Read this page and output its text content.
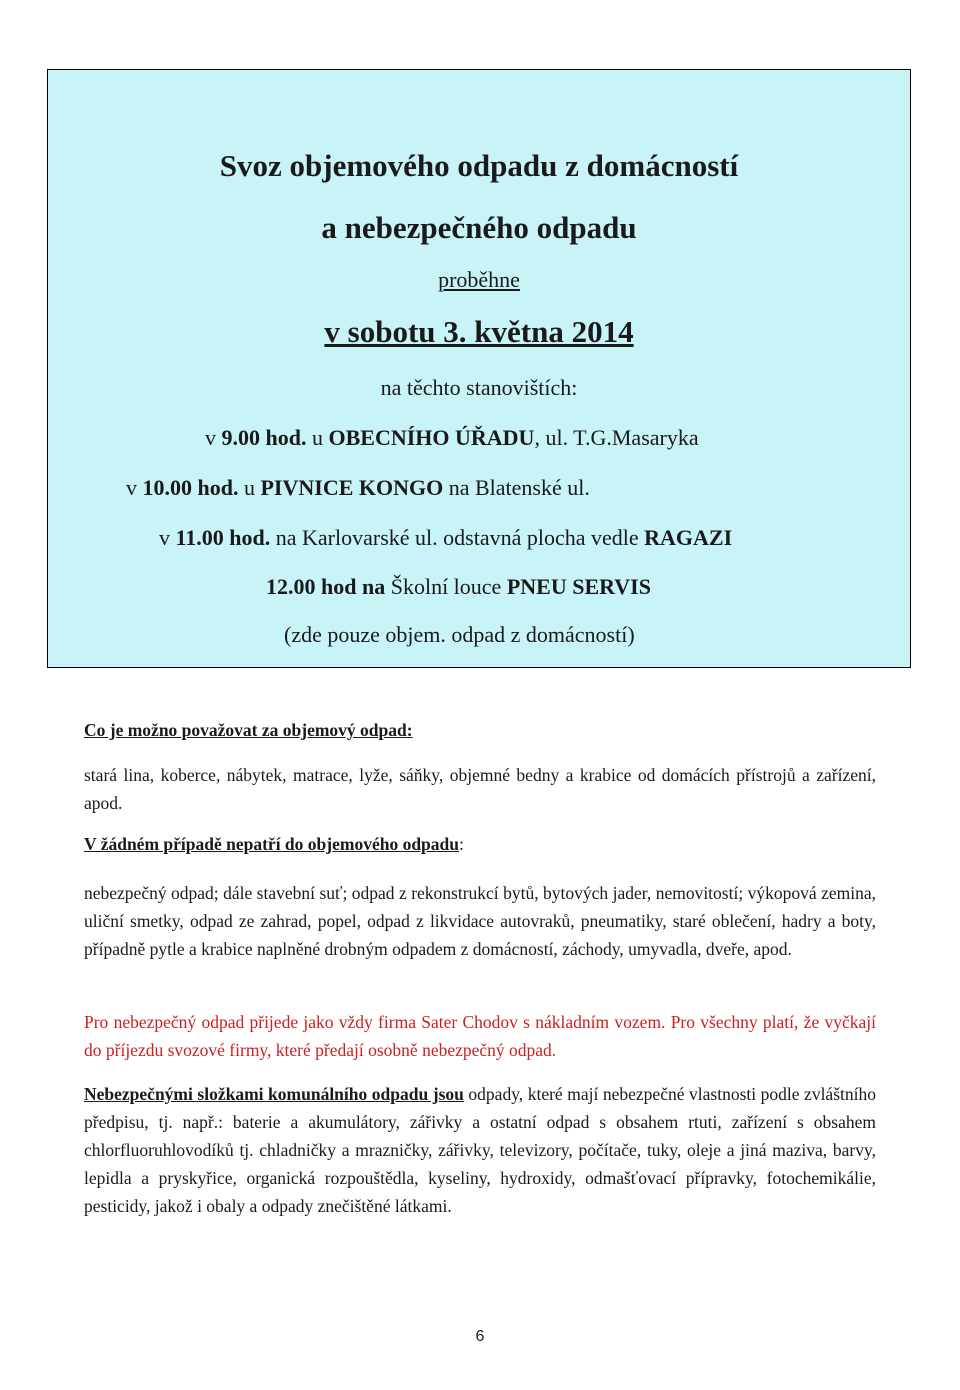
Svoz objemového odpadu z domácností
a nebezpečného odpadu
proběhne
v sobotu 3. května 2014
na těchto stanovištích:
v 9.00 hod. u OBECNÍHO ÚŘADU, ul. T.G.Masaryka
v 10.00 hod. u PIVNICE KONGO na Blatenské ul.
v 11.00 hod. na Karlovarské ul. odstavná plocha vedle RAGAZI
12.00 hod na Školní louce PNEU SERVIS
(zde pouze objem. odpad z domácností)
Co je možno považovat za objemový odpad:

stará lina, koberce, nábytek, matrace, lyže, sáňky, objemné bedny a krabice od domácích přístrojů a zařízení, apod.

V žádném případě nepatří do objemového odpadu:

nebezpečný odpad; dále stavební suť; odpad z rekonstrukcí bytů, bytových jader, nemovitostí; výkopová zemina, uliční smetky, odpad ze zahrad, popel, odpad z likvidace autovraků, pneumatiky, staré oblečení, hadry a boty, případně pytle a krabice naplněné drobným odpadem z domácností, záchody, umyvadla, dveře, apod.

Pro nebezpečný odpad přijede jako vždy firma Sater Chodov s nákladním vozem. Pro všechny platí, že vyčkají do příjezdu svozové firmy, které předají osobně nebezpečný odpad.

Nebezpečnými složkami komunálního odpadu jsou odpady, které mají nebezpečné vlastnosti podle zvláštního předpisu, tj. např.: baterie a akumulátory, zářivky a ostatní odpad s obsahem rtuti, zařízení s obsahem chlorfluoruhlovodíků tj. chladničky a mrazničky, zářivky, televizory, počítače, tuky, oleje a jiná maziva, barvy, lepidla a pryskyřice, organická rozpouštědla, kyseliny, hydroxidy, odmašťovací přípravky, fotochemikálie, pesticidy, jakož i obaly a odpady znečištěné látkami.

6
